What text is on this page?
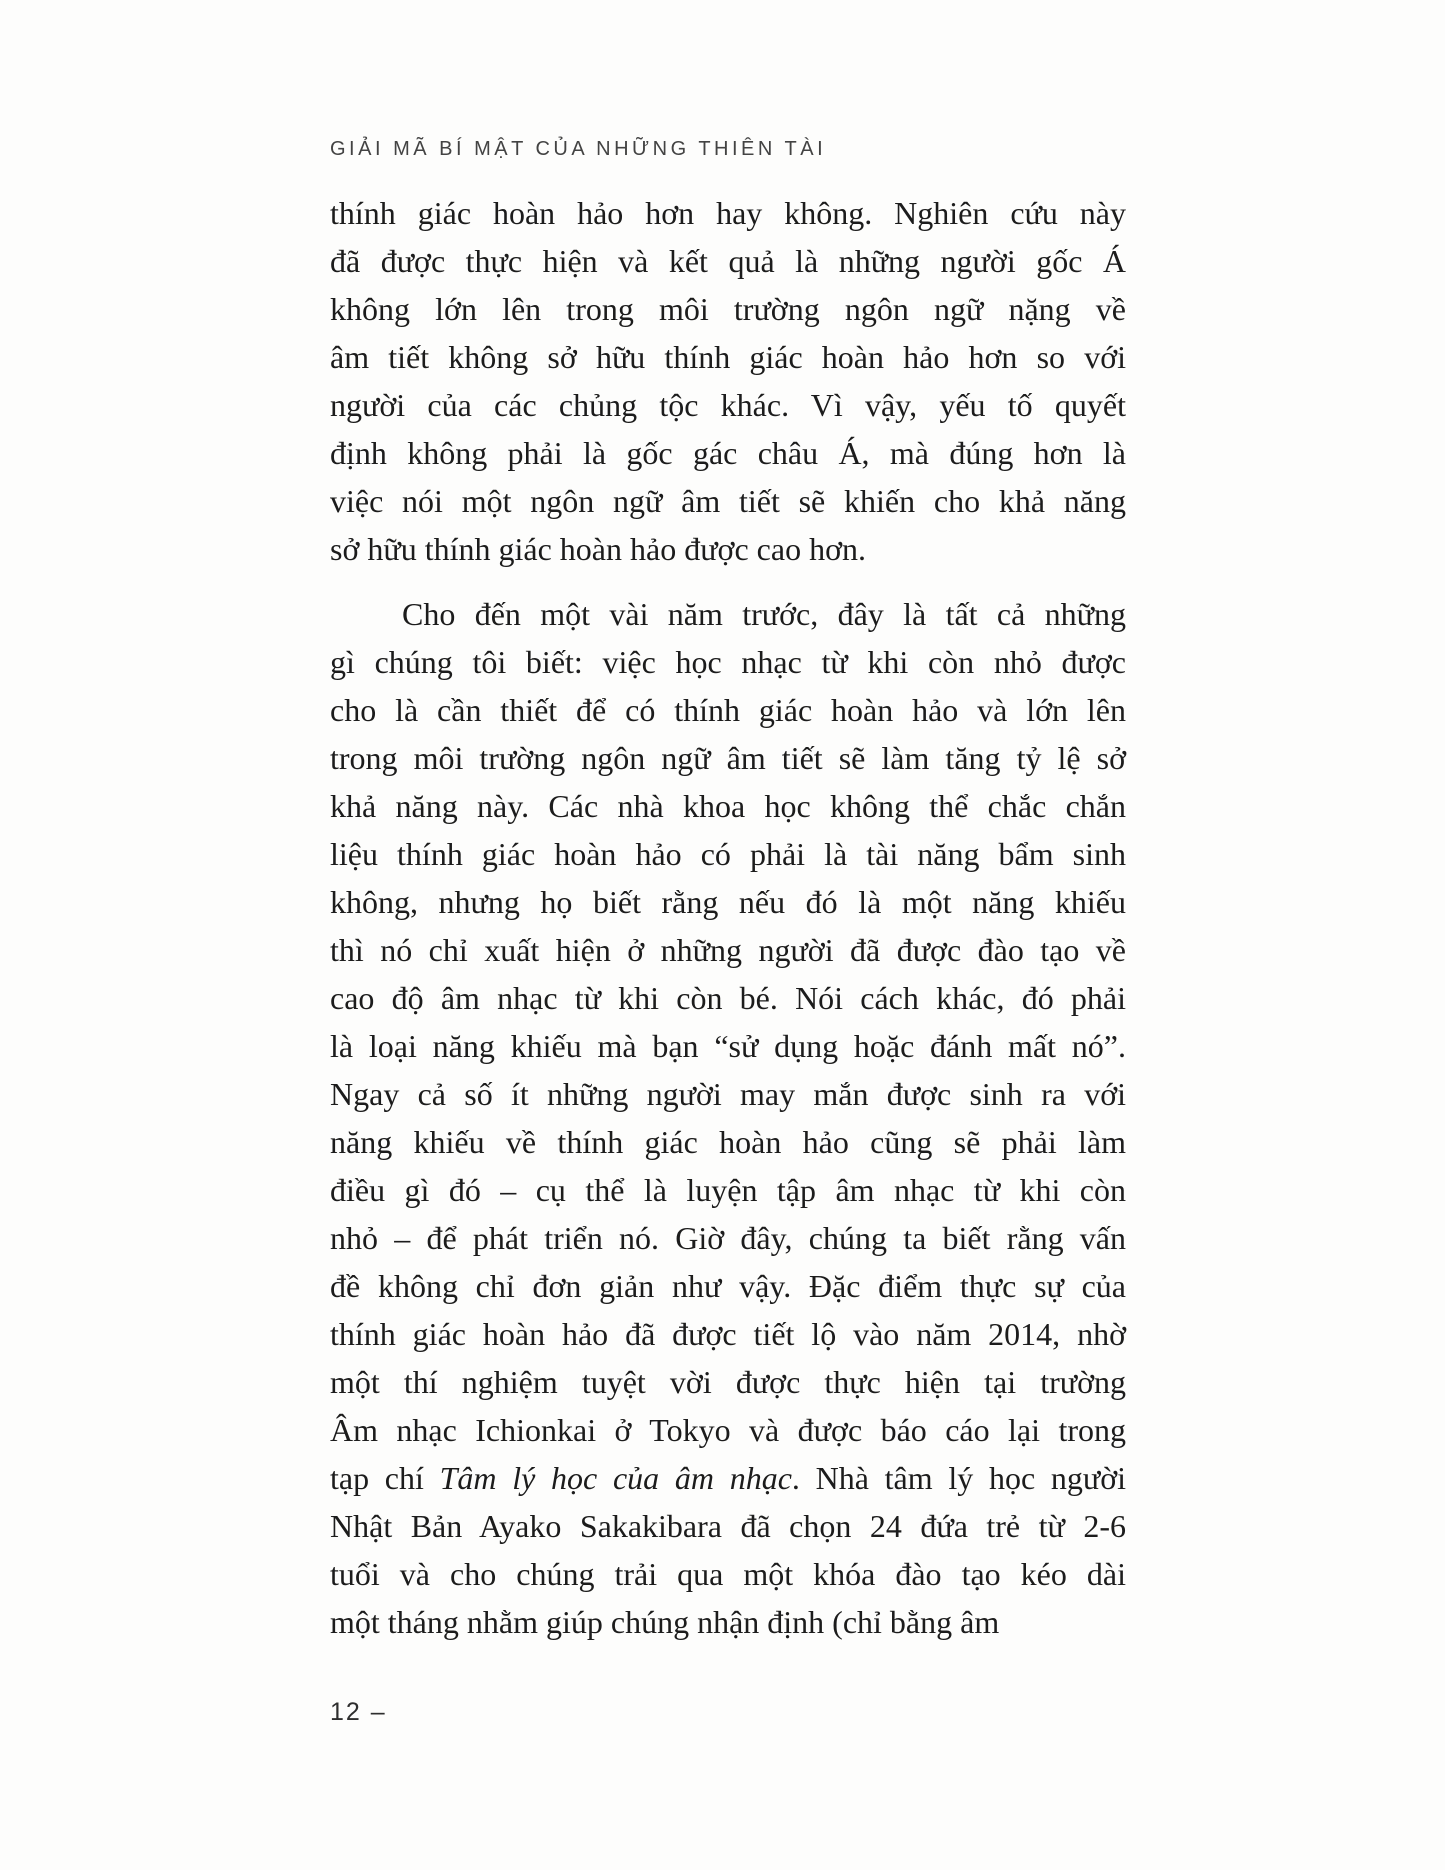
GIẢI MÃ BÍ MẬT CỦA NHỮNG THIÊN TÀI
thính giác hoàn hảo hơn hay không. Nghiên cứu này
đã được thực hiện và kết quả là những người gốc Á
không lớn lên trong môi trường ngôn ngữ nặng về
âm tiết không sở hữu thính giác hoàn hảo hơn so với
người của các chủng tộc khác. Vì vậy, yếu tố quyết
định không phải là gốc gác châu Á, mà đúng hơn là
việc nói một ngôn ngữ âm tiết sẽ khiến cho khả năng
sở hữu thính giác hoàn hảo được cao hơn.
Cho đến một vài năm trước, đây là tất cả những
gì chúng tôi biết: việc học nhạc từ khi còn nhỏ được
cho là cần thiết để có thính giác hoàn hảo và lớn lên
trong môi trường ngôn ngữ âm tiết sẽ làm tăng tỷ lệ sở
khả năng này. Các nhà khoa học không thể chắc chắn
liệu thính giác hoàn hảo có phải là tài năng bẩm sinh
không, nhưng họ biết rằng nếu đó là một năng khiếu
thì nó chỉ xuất hiện ở những người đã được đào tạo về
cao độ âm nhạc từ khi còn bé. Nói cách khác, đó phải
là loại năng khiếu mà bạn “sử dụng hoặc đánh mất nó”.
Ngay cả số ít những người may mắn được sinh ra với
năng khiếu về thính giác hoàn hảo cũng sẽ phải làm
điều gì đó – cụ thể là luyện tập âm nhạc từ khi còn
nhỏ – để phát triển nó. Giờ đây, chúng ta biết rằng vấn
đề không chỉ đơn giản như vậy. Đặc điểm thực sự của
thính giác hoàn hảo đã được tiết lộ vào năm 2014, nhờ
một thí nghiệm tuyệt vời được thực hiện tại trường
Âm nhạc Ichionkai ở Tokyo và được báo cáo lại trong
tạp chí Tâm lý học của âm nhạc. Nhà tâm lý học người
Nhật Bản Ayako Sakakibara đã chọn 24 đứa trẻ từ 2-6
tuổi và cho chúng trải qua một khóa đào tạo kéo dài
một tháng nhằm giúp chúng nhận định (chỉ bằng âm
12 –
